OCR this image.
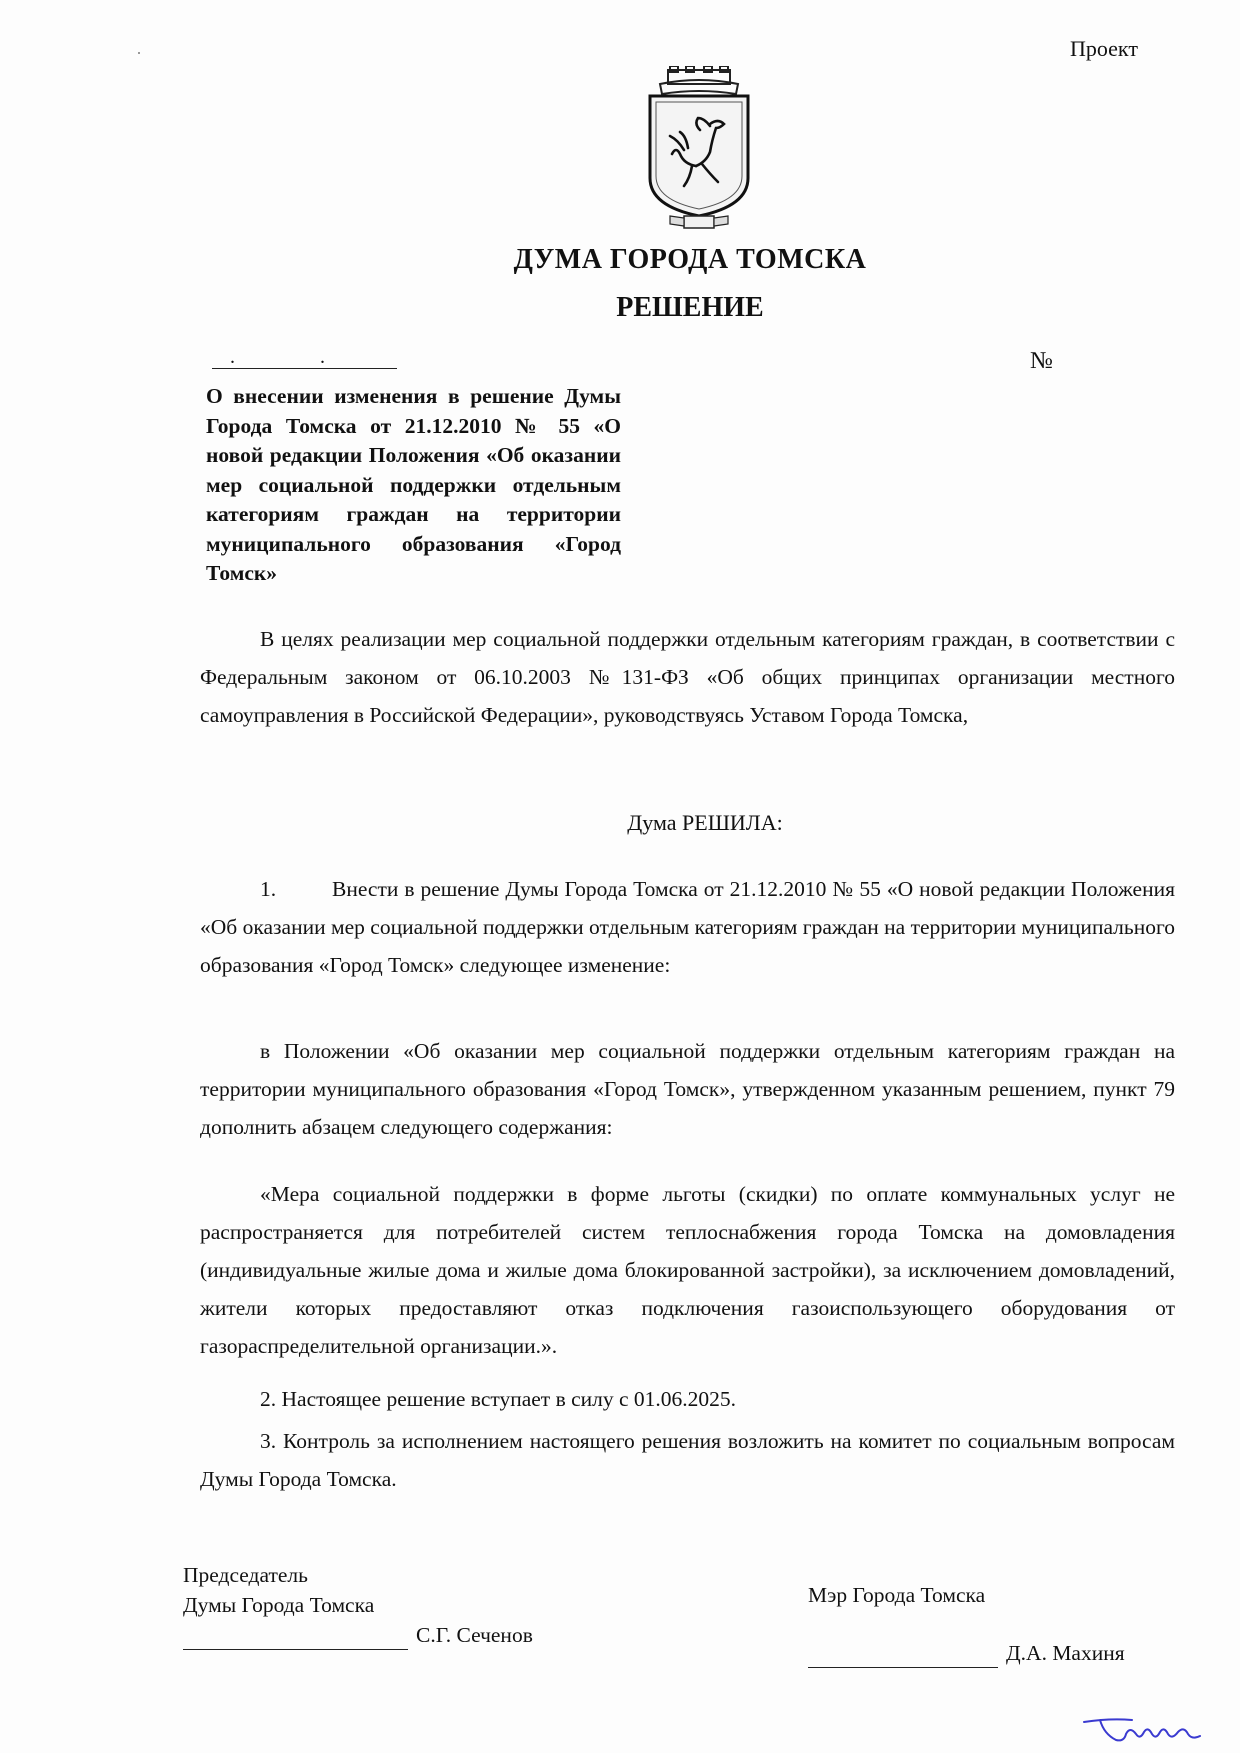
Проект
ДУМА ГОРОДА ТОМСКА
РЕШЕНИЕ
.	.	№
О внесении изменения в решение Думы Города Томска от 21.12.2010 № 55 «О новой редакции Положения «Об оказании мер социальной поддержки отдельным категориям граждан на территории муниципального образования «Город Томск»
В целях реализации мер социальной поддержки отдельным категориям граждан, в соответствии с Федеральным законом от 06.10.2003 №131-ФЗ «Об общих принципах организации местного самоуправления в Российской Федерации», руководствуясь Уставом Города Томска,
Дума РЕШИЛА:
1.	Внести в решение Думы Города Томска от 21.12.2010 № 55 «О новой редакции Положения «Об оказании мер социальной поддержки отдельным категориям граждан на территории муниципального образования «Город Томск» следующее изменение:
в Положении «Об оказании мер социальной поддержки отдельным категориям граждан на территории муниципального образования «Город Томск», утвержденном указанным решением, пункт 79 дополнить абзацем следующего содержания:
«Мера социальной поддержки в форме льготы (скидки) по оплате коммунальных услуг не распространяется для потребителей систем теплоснабжения города Томска на домовладения (индивидуальные жилые дома и жилые дома блокированной застройки), за исключением домовладений, жители которых предоставляют отказ подключения газоиспользующего оборудования от газораспределительной организации.».
2. Настоящее решение вступает в силу с 01.06.2025.
3. Контроль за исполнением настоящего решения возложить на комитет по социальным вопросам Думы Города Томска.
Председатель
Думы Города Томска
С.Г. Сеченов
Мэр Города Томска
Д.А. Махиня
